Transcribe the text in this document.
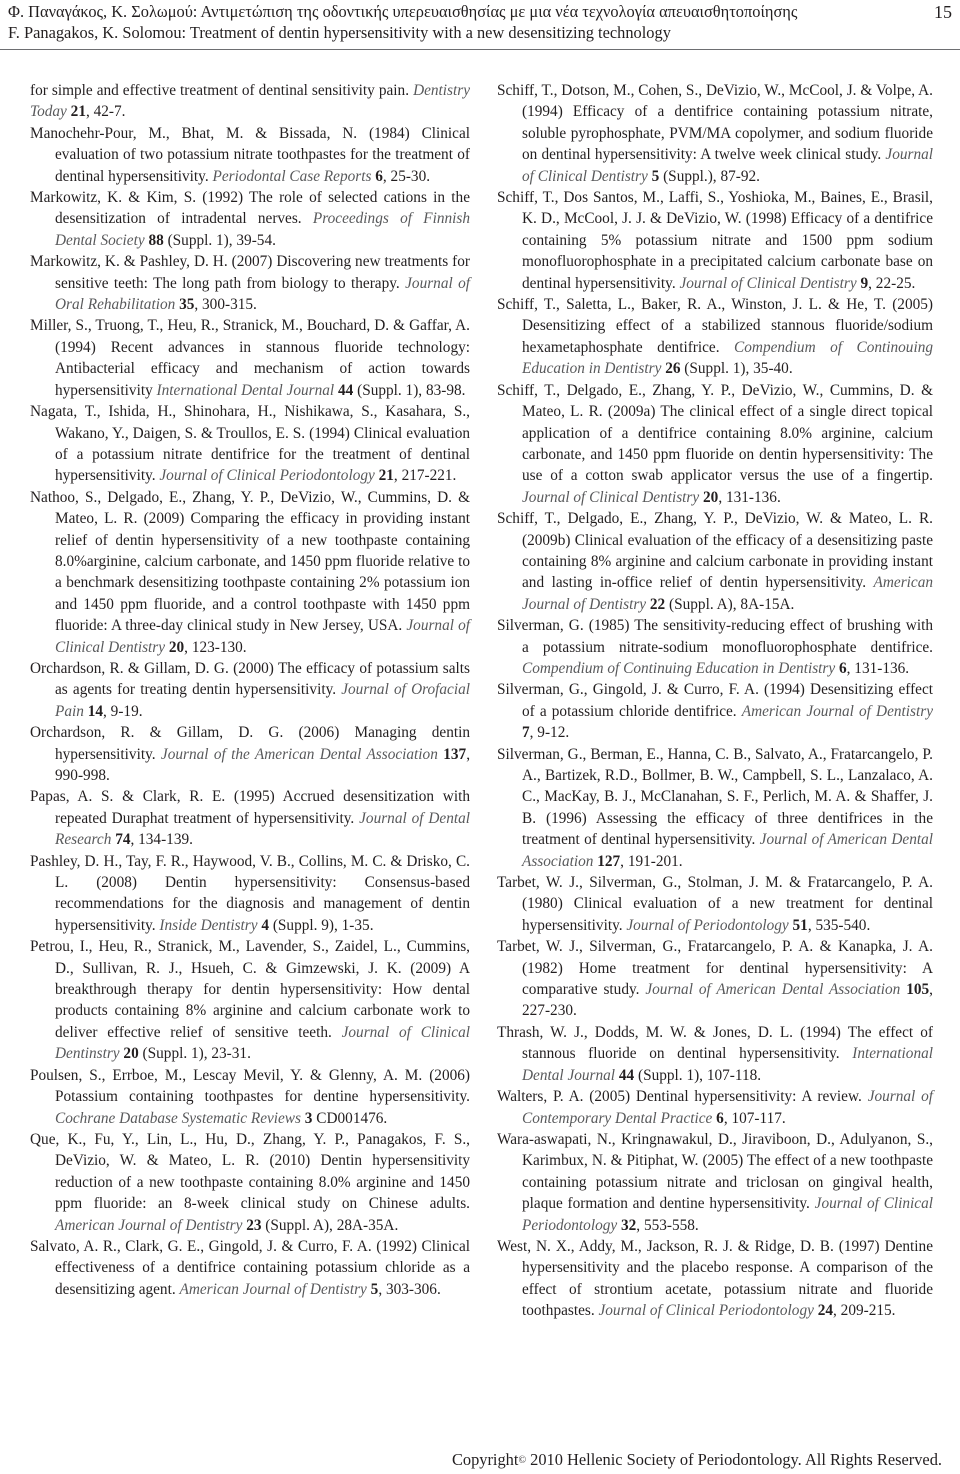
Φ. Παναγάκος, Κ. Σολωμού: Αντιμετώπιση της οδοντικής υπερευαισθησίας με μια νέα τεχνολογία απευαισθητοποίησης
F. Panagakos, K. Solomou: Treatment of dentin hypersensitivity with a new desensitizing technology
15

for simple and effective treatment of dentinal sensitivity pain. Dentistry Today 21, 42-7.

Manochehr-Pour, M., Bhat, M. & Bissada, N. (1984) Clinical evaluation of two potassium nitrate toothpastes for the treatment of dentinal hypersensitivity. Periodontal Case Reports 6, 25-30.

Markowitz, K. & Kim, S. (1992) The role of selected cations in the desensitization of intradental nerves. Proceedings of Finnish Dental Society 88 (Suppl. 1), 39-54.

Markowitz, K. & Pashley, D. H. (2007) Discovering new treatments for sensitive teeth: The long path from biology to therapy. Journal of Oral Rehabilitation 35, 300-315.

Miller, S., Truong, T., Heu, R., Stranick, M., Bouchard, D. & Gaffar, A. (1994) Recent advances in stannous fluoride technology: Antibacterial efficacy and mechanism of action towards hypersensitivity International Dental Journal 44 (Suppl. 1), 83-98.

Nagata, T., Ishida, H., Shinohara, H., Nishikawa, S., Kasahara, S., Wakano, Y., Daigen, S. & Troullos, E. S. (1994) Clinical evaluation of a potassium nitrate dentifrice for the treatment of dentinal hypersensitivity. Journal of Clinical Periodontology 21, 217-221.

Nathoo, S., Delgado, E., Zhang, Y. P., DeVizio, W., Cummins, D. & Mateo, L. R. (2009) Comparing the efficacy in providing instant relief of dentin hypersensitivity of a new toothpaste containing 8.0%arginine, calcium carbonate, and 1450 ppm fluoride relative to a benchmark desensitizing toothpaste containing 2% potassium ion and 1450 ppm fluoride, and a control toothpaste with 1450 ppm fluoride: A three-day clinical study in New Jersey, USA. Journal of Clinical Dentistry 20, 123-130.

Orchardson, R. & Gillam, D. G. (2000) The efficacy of potassium salts as agents for treating dentin hypersensitivity. Journal of Orofacial Pain 14, 9-19.

Orchardson, R. & Gillam, D. G. (2006) Managing dentin hypersensitivity. Journal of the American Dental Association 137, 990-998.

Papas, A. S. & Clark, R. E. (1995) Accrued desensitization with repeated Duraphat treatment of hypersensitivity. Journal of Dental Research 74, 134-139.

Pashley, D. H., Tay, F. R., Haywood, V. B., Collins, M. C. & Drisko, C. L. (2008) Dentin hypersensitivity: Consensus-based recommendations for the diagnosis and management of dentin hypersensitivity. Inside Dentistry 4 (Suppl. 9), 1-35.

Petrou, I., Heu, R., Stranick, M., Lavender, S., Zaidel, L., Cummins, D., Sullivan, R. J., Hsueh, C. & Gimzewski, J. K. (2009) A breakthrough therapy for dentin hypersensitivity: How dental products containing 8% arginine and calcium carbonate work to deliver effective relief of sensitive teeth. Journal of Clinical Dentinstry 20 (Suppl. 1), 23-31.

Poulsen, S., Errboe, M., Lescay Mevil, Y. & Glenny, A. M. (2006) Potassium containing toothpastes for dentine hypersensitivity. Cochrane Database Systematic Reviews 3 CD001476.

Que, K., Fu, Y., Lin, L., Hu, D., Zhang, Y. P., Panagakos, F. S., DeVizio, W. & Mateo, L. R. (2010) Dentin hypersensitivity reduction of a new toothpaste containing 8.0% arginine and 1450 ppm fluoride: an 8-week clinical study on Chinese adults. American Journal of Dentistry 23 (Suppl. A), 28A-35A.

Salvato, A. R., Clark, G. E., Gingold, J. & Curro, F. A. (1992) Clinical effectiveness of a dentifrice containing potassium chloride as a desensitizing agent. American Journal of Dentistry 5, 303-306.

Schiff, T., Dotson, M., Cohen, S., DeVizio, W., McCool, J. & Volpe, A. (1994) Efficacy of a dentifrice containing potassium nitrate, soluble pyrophosphate, PVM/MA copolymer, and sodium fluoride on dentinal hypersensitivity: A twelve week clinical study. Journal of Clinical Dentistry 5 (Suppl.), 87-92.

Schiff, T., Dos Santos, M., Laffi, S., Yoshioka, M., Baines, E., Brasil, K. D., McCool, J. J. & DeVizio, W. (1998) Efficacy of a dentifrice containing 5% potassium nitrate and 1500 ppm sodium monofluorophosphate in a precipitated calcium carbonate base on dentinal hypersensitivity. Journal of Clinical Dentistry 9, 22-25.

Schiff, T., Saletta, L., Baker, R. A., Winston, J. L. & He, T. (2005) Desensitizing effect of a stabilized stannous fluoride/sodium hexametaphosphate dentifrice. Compendium of Continouing Education in Dentistry 26 (Suppl. 1), 35-40.

Schiff, T., Delgado, E., Zhang, Y. P., DeVizio, W., Cummins, D. & Mateo, L. R. (2009a) The clinical effect of a single direct topical application of a dentifrice containing 8.0% arginine, calcium carbonate, and 1450 ppm fluoride on dentin hypersensitivity: The use of a cotton swab applicator versus the use of a fingertip. Journal of Clinical Dentistry 20, 131-136.

Schiff, T., Delgado, E., Zhang, Y. P., DeVizio, W. & Mateo, L. R. (2009b) Clinical evaluation of the efficacy of a desensitizing paste containing 8% arginine and calcium carbonate in providing instant and lasting in-office relief of dentin hypersensitivity. American Journal of Dentistry 22 (Suppl. A), 8A-15A.

Silverman, G. (1985) The sensitivity-reducing effect of brushing with a potassium nitrate-sodium monofluorophosphate dentifrice. Compendium of Continuing Education in Dentistry 6, 131-136.

Silverman, G., Gingold, J. & Curro, F. A. (1994) Desensitizing effect of a potassium chloride dentifrice. American Journal of Dentistry 7, 9-12.

Silverman, G., Berman, E., Hanna, C. B., Salvato, A., Fratarcangelo, P. A., Bartizek, R.D., Bollmer, B. W., Campbell, S. L., Lanzalaco, A. C., MacKay, B. J., McClanahan, S. F., Perlich, M. A. & Shaffer, J. B. (1996) Assessing the efficacy of three dentifrices in the treatment of dentinal hypersensitivity. Journal of American Dental Association 127, 191-201.

Tarbet, W. J., Silverman, G., Stolman, J. M. & Fratarcangelo, P. A. (1980) Clinical evaluation of a new treatment for dentinal hypersensitivity. Journal of Periodontology 51, 535-540.

Tarbet, W. J., Silverman, G., Fratarcangelo, P. A. & Kanapka, J. A. (1982) Home treatment for dentinal hypersensitivity: A comparative study. Journal of American Dental Association 105, 227-230.

Thrash, W. J., Dodds, M. W. & Jones, D. L. (1994) The effect of stannous fluoride on dentinal hypersensitivity. International Dental Journal 44 (Suppl. 1), 107-118.

Walters, P. A. (2005) Dentinal hypersensitivity: A review. Journal of Contemporary Dental Practice 6, 107-117.

Wara-aswapati, N., Kringnawakul, D., Jiraviboon, D., Adulyanon, S., Karimbux, N. & Pitiphat, W. (2005) The effect of a new toothpaste containing potassium nitrate and triclosan on gingival health, plaque formation and dentine hypersensitivity. Journal of Clinical Periodontology 32, 553-558.

West, N. X., Addy, M., Jackson, R. J. & Ridge, D. B. (1997) Dentine hypersensitivity and the placebo response. A comparison of the effect of strontium acetate, potassium nitrate and fluoride toothpastes. Journal of Clinical Periodontology 24, 209-215.

Copyright© 2010 Hellenic Society of Periodontology. All Rights Reserved.
